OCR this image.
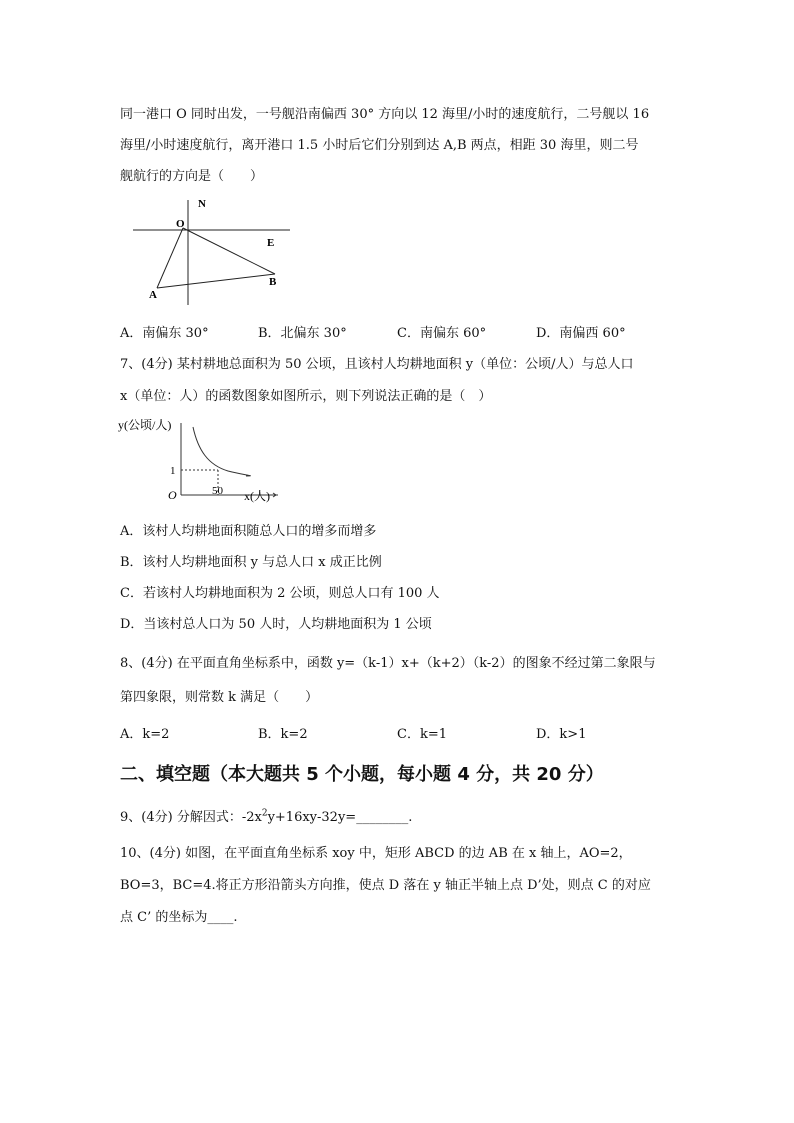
同一港口 O 同时出发，一号舰沿南偏西 30° 方向以 12 海里/小时的速度航行，二号舰以 16
海里/小时速度航行，离开港口 1.5 小时后它们分别到达 A,B 两点，相距 30 海里，则二号
舰航行的方向是（　　）
N
O
E
A
B
A．南偏东 30°	B．北偏东 30°	C．南偏东 60°	D．南偏西 60°
7、(4分) 某村耕地总面积为 50 公顷，且该村人均耕地面积 y（单位：公顷/人）与总人口
x（单位：人）的函数图象如图所示，则下列说法正确的是（　）
y(公顷/人)
x(人)
O
1
50
A．该村人均耕地面积随总人口的增多而增多
B．该村人均耕地面积 y 与总人口 x 成正比例
C．若该村人均耕地面积为 2 公顷，则总人口有 100 人
D．当该村总人口为 50 人时，人均耕地面积为 1 公顷
8、(4分) 在平面直角坐标系中，函数 y=（k-1）x+（k+2）（k-2）的图象不经过第二象限与
第四象限，则常数 k 满足（　　）
A．k=2	B．k=2	C．k=1	D．k>1
二、填空题（本大题共 5 个小题，每小题 4 分，共 20 分）
9、(4分) 分解因式：$-2x^2y+16xy-32y=\_\_\_\_\_\_\_\_$.
10、(4分) 如图，在平面直角坐标系 xoy 中，矩形 ABCD 的边 AB 在 x 轴上，AO=2，
BO=3，BC=4.将正方形沿箭头方向推，使点 D 落在 y 轴正半轴上点 D’处，则点 C 的对应
点 C’ 的坐标为____.
